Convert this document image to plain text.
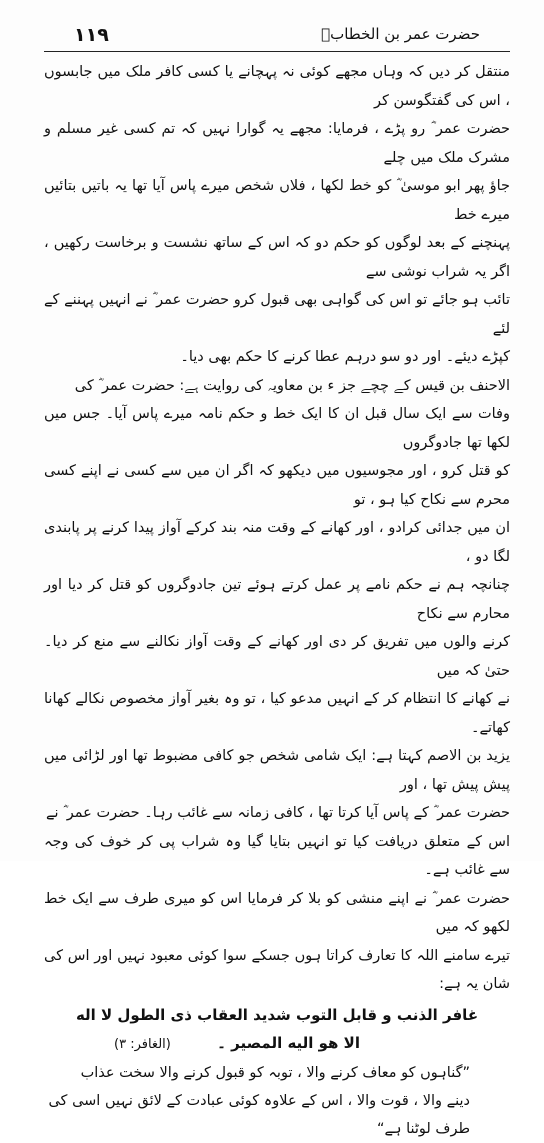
۱۱۹	حضرت عمر بن الخطابؓ
منتقل کر دیں کہ وہاں مجھے کوئی نہ پہچانے یا کسی کافر ملک میں جابسوں ، اس کی گفتگوسن کر
حضرت عمر ؓ رو پڑے ، فرمایا: مجھے یہ گوارا نہیں کہ تم کسی غیر مسلم و مشرک ملک میں چلے
جاؤ پھر ابو موسیٰ ؓ کو خط لکھا ، فلاں شخص میرے پاس آیا تھا یہ باتیں بتائیں میرے خط
پہنچنے کے بعد لوگوں کو حکم دو کہ اس کے ساتھ نشست و برخاست رکھیں ، اگر یہ شراب نوشی سے
تائب ہو جائے تو اس کی گواہی بھی قبول کرو حضرت عمر ؓ نے انہیں پہننے کے لئے
کپڑے دیئے۔ اور دو سو درہم عطا کرنے کا حکم بھی دیا۔
الاحنف بن قیس کے چچے جز ء بن معاویہ کی روایت ہے: حضرت عمر ؓ کی
وفات سے ایک سال قبل ان کا ایک خط و حکم نامہ میرے پاس آیا۔ جس میں لکھا تھا جادوگروں
کو قتل کرو ، اور مجوسیوں میں دیکھو کہ اگر ان میں سے کسی نے اپنے کسی محرم سے نکاح کیا ہو ، تو
ان میں جدائی کرادو ، اور کھانے کے وقت منہ بند کرکے آواز پیدا کرنے پر پابندی لگا دو ،
چنانچہ ہم نے حکم نامے پر عمل کرتے ہوئے تین جادوگروں کو قتل کر دیا اور محارم سے نکاح
کرنے والوں میں تفریق کر دی اور کھانے کے وقت آواز نکالنے سے منع کر دیا۔ حتیٰ کہ میں
نے کھانے کا انتظام کر کے انہیں مدعو کیا ، تو وہ بغیر آواز مخصوص نکالے کھانا کھاتے۔
یزید بن الاصم کہتا ہے: ایک شامی شخص جو کافی مضبوط تھا اور لڑائی میں پیش پیش تھا ، اور
حضرت عمر ؓ کے پاس آیا کرتا تھا ، کافی زمانہ سے غائب رہا۔ حضرت عمر ؓ نے
اس کے متعلق دریافت کیا تو انہیں بتایا گیا وہ شراب پی کر خوف کی وجہ سے غائب ہے۔
حضرت عمر ؓ نے اپنے منشی کو بلا کر فرمایا اس کو میری طرف سے ایک خط لکھو کہ میں
تیرے سامنے اللہ کا تعارف کراتا ہوں جسکے سوا کوئی معبود نہیں اور اس کی شان یہ ہے:
غافر الذنب و قابل التوب شدید العقاب ذی الطول لا اله
الا هو الیه المصیر ۔
(الغافر: ۳)
”گناہوں کو معاف کرنے والا ، توبہ کو قبول کرنے والا سخت عذاب
دینے والا ، قوت والا ، اس کے علاوہ کوئی عبادت کے لائق نہیں اسی کی
طرف لوٹنا ہے“
